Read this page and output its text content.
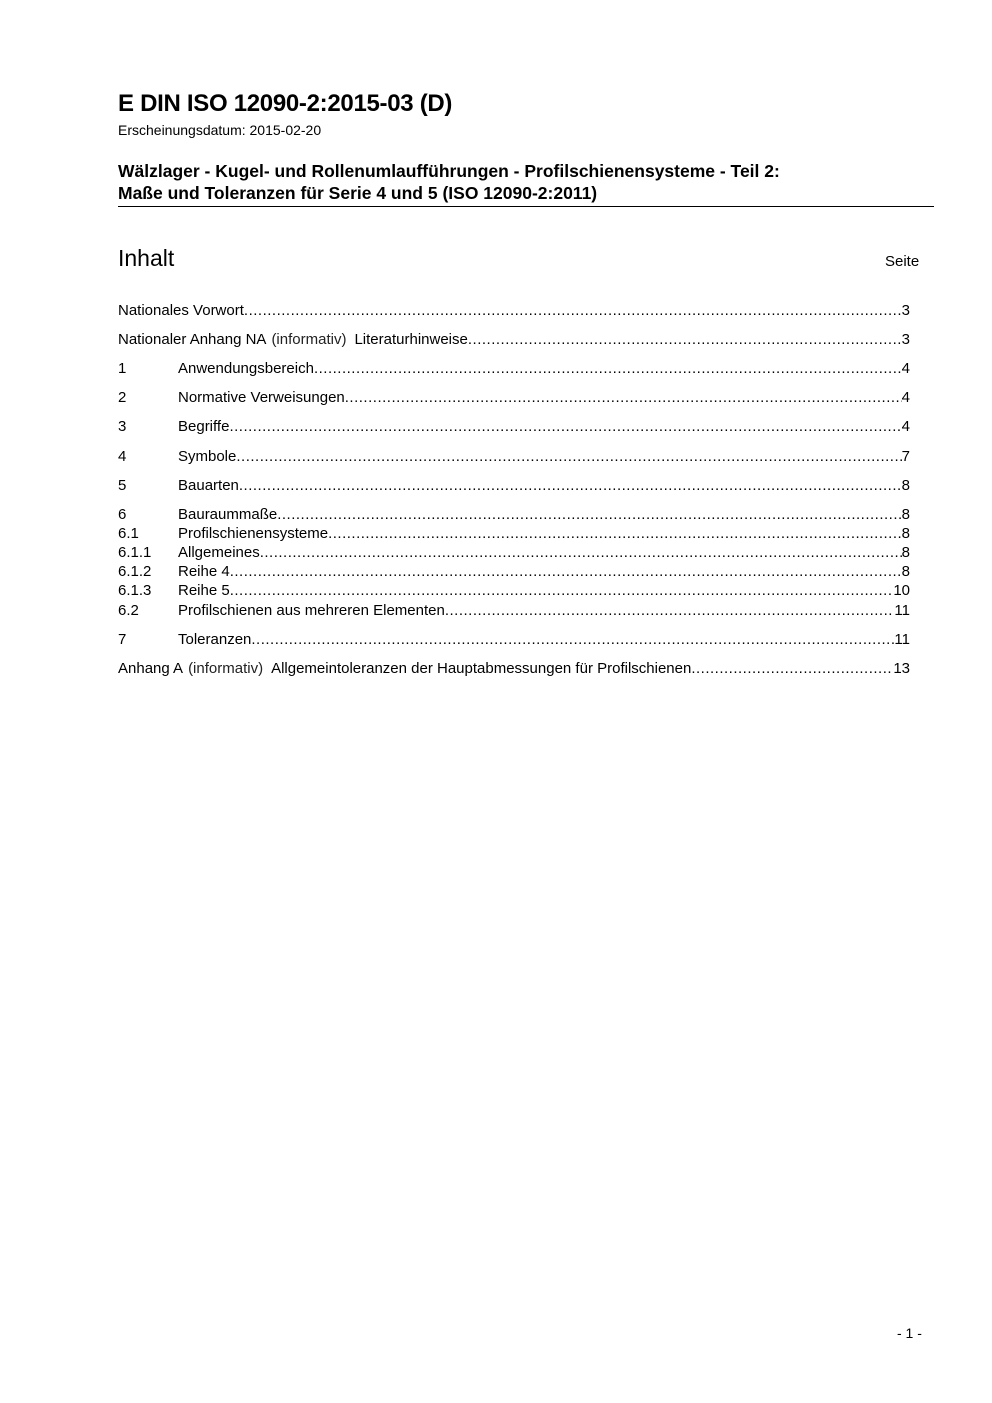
E DIN ISO 12090-2:2015-03 (D)
Erscheinungsdatum: 2015-02-20
Wälzlager - Kugel- und Rollenumlaufführungen - Profilschienensysteme - Teil 2:
Maße und Toleranzen für Serie 4 und 5 (ISO 12090-2:2011)
Inhalt	Seite
Nationales Vorwort .....	3
Nationaler Anhang NA (informativ) Literaturhinweise .....	3
1	Anwendungsbereich .....	4
2	Normative Verweisungen .....	4
3	Begriffe .....	4
4	Symbole .....	7
5	Bauarten .....	8
6	Bauraummaße .....	8
6.1	Profilschienensysteme .....	8
6.1.1	Allgemeines .....	8
6.1.2	Reihe 4 .....	8
6.1.3	Reihe 5 .....	10
6.2	Profilschienen aus mehreren Elementen .....	11
7	Toleranzen .....	11
Anhang A (informativ) Allgemeintoleranzen der Hauptabmessungen für Profilschienen .....	13
- 1 -
